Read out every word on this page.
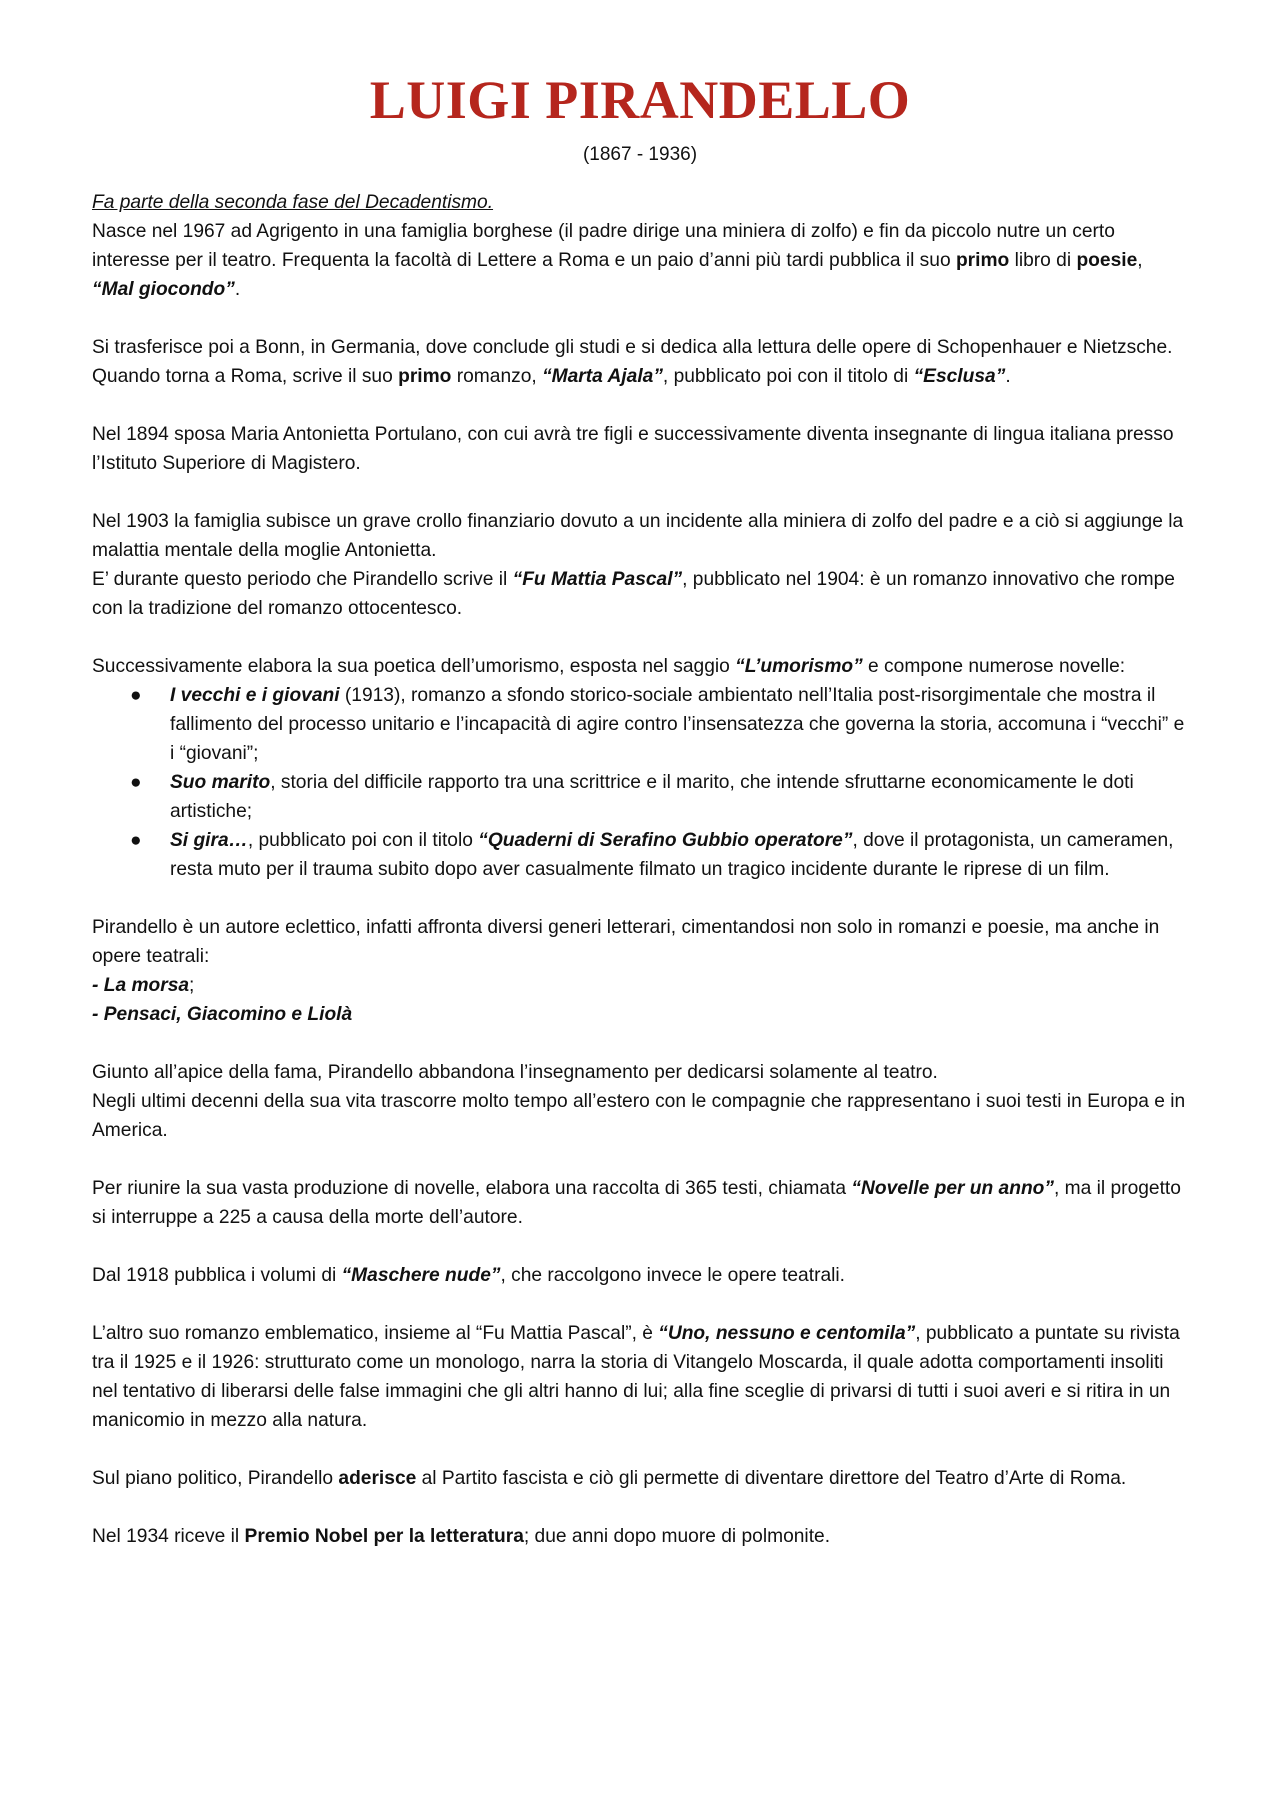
LUIGI PIRANDELLO
(1867 - 1936)

Fa parte della seconda fase del Decadentismo.
Nasce nel 1967 ad Agrigento in una famiglia borghese (il padre dirige una miniera di zolfo) e fin da piccolo nutre un certo interesse per il teatro. Frequenta la facoltà di Lettere a Roma e un paio d’anni più tardi pubblica il suo primo libro di poesie, “Mal giocondo”.

Si trasferisce poi a Bonn, in Germania, dove conclude gli studi e si dedica alla lettura delle opere di Schopenhauer e Nietzsche.

Quando torna a Roma, scrive il suo primo romanzo, “Marta Ajala”, pubblicato poi con il titolo di “Esclusa”.

Nel 1894 sposa Maria Antonietta Portulano, con cui avrà tre figli e successivamente diventa insegnante di lingua italiana presso l’Istituto Superiore di Magistero.

Nel 1903 la famiglia subisce un grave crollo finanziario dovuto a un incidente alla miniera di zolfo del padre e a ciò si aggiunge la malattia mentale della moglie Antonietta.

E’ durante questo periodo che Pirandello scrive il “Fu Mattia Pascal”, pubblicato nel 1904: è un romanzo innovativo che rompe con la tradizione del romanzo ottocentesco.

Successivamente elabora la sua poetica dell’umorismo, esposta nel saggio “L’umorismo” e compone numerose novelle:

● I vecchi e i giovani (1913), romanzo a sfondo storico-sociale ambientato nell’Italia post-risorgimentale che mostra il fallimento del processo unitario e l’incapacità di agire contro l’insensatezza che governa la storia, accomuna i “vecchi” e i “giovani”;
● Suo marito, storia del difficile rapporto tra una scrittrice e il marito, che intende sfruttarne economicamente le doti artistiche;
● Si gira…, pubblicato poi con il titolo “Quaderni di Serafino Gubbio operatore”, dove il protagonista, un cameramen, resta muto per il trauma subito dopo aver casualmente filmato un tragico incidente durante le riprese di un film.

Pirandello è un autore eclettico, infatti affronta diversi generi letterari, cimentandosi non solo in romanzi e poesie, ma anche in opere teatrali:

- La morsa;

- Pensaci, Giacomino e Liolà

Giunto all’apice della fama, Pirandello abbandona l’insegnamento per dedicarsi solamente al teatro.

Negli ultimi decenni della sua vita trascorre molto tempo all’estero con le compagnie che rappresentano i suoi testi in Europa e in America.

Per riunire la sua vasta produzione di novelle, elabora una raccolta di 365 testi, chiamata “Novelle per un anno”, ma il progetto si interruppe a 225 a causa della morte dell’autore.

Dal 1918 pubblica i volumi di “Maschere nude”, che raccolgono invece le opere teatrali.

L’altro suo romanzo emblematico, insieme al “Fu Mattia Pascal”, è “Uno, nessuno e centomila”, pubblicato a puntate su rivista tra il 1925 e il 1926: strutturato come un monologo, narra la storia di Vitangelo Moscarda, il quale adotta comportamenti insoliti nel tentativo di liberarsi delle false immagini che gli altri hanno di lui; alla fine sceglie di privarsi di tutti i suoi averi e si ritira in un manicomio in mezzo alla natura.

Sul piano politico, Pirandello aderisce al Partito fascista e ciò gli permette di diventare direttore del Teatro d’Arte di Roma.

Nel 1934 riceve il Premio Nobel per la letteratura; due anni dopo muore di polmonite.
